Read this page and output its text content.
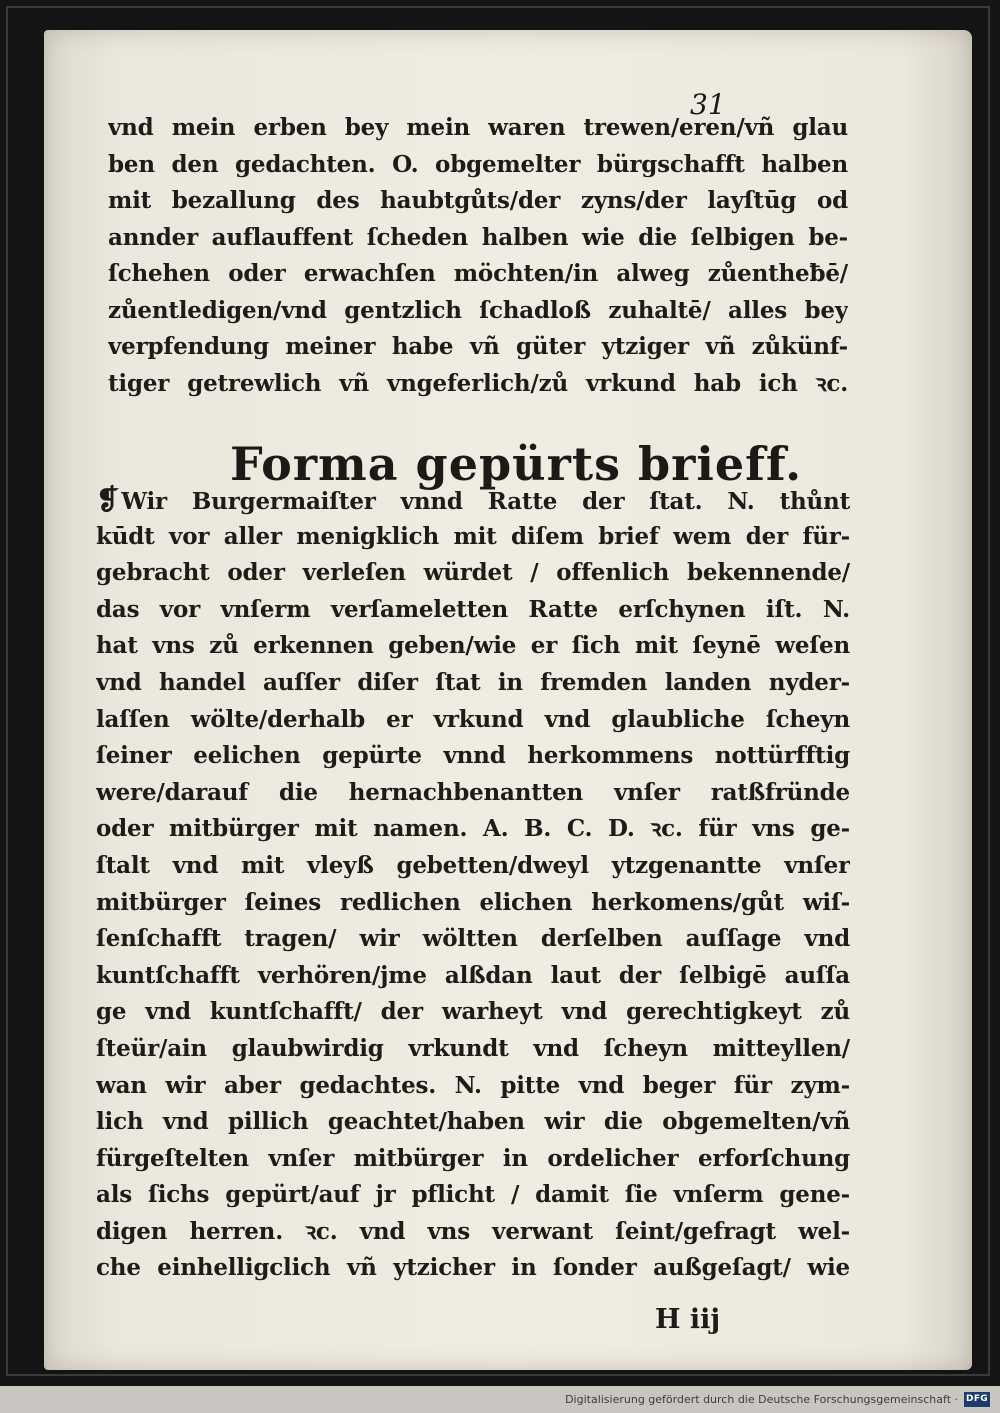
31
vnd mein erben bey mein waren trewen/eren/vñ glau
ben den gedachten. O. obgemelter bürgschafft halben
mit bezallung des haubtgůts/der zyns/der layſtūg od
annder auflauffent ſcheden halben wie die ſelbigen be-
ſchehen oder erwachſen möchten/in alweg zůentheƀē/
zůentledigen/vnd gentzlich ſchadloß zuhaltē/ alles bey
verpfendung meiner habe vñ güter ytziger vñ zůkünf-
tiger getrewlich vñ vngeferlich/zů vrkund hab ich ꝛc.
Forma gepürts brieff.
❡Wir Burgermaiſter vnnd Ratte der ſtat. N. thůnt
kūdt vor aller menigklich mit diſem brief wem der für-
gebracht oder verleſen würdet / offenlich bekennende/
das vor vnſerm verſameletten Ratte erſchynen iſt. N.
hat vns zů erkennen geben/wie er ſich mit ſeynē weſen
vnd handel auſſer diſer ſtat in fremden landen nyder-
laſſen wölte/derhalb er vrkund vnd glaubliche ſcheyn
ſeiner eelichen gepürte vnnd herkommens nottürfftig
were/darauf die hernachbenantten vnſer ratßfründe
oder mitbürger mit namen. A. B. C. D. ꝛc. für vns ge-
ſtalt vnd mit vleyß gebetten/dweyl ytzgenantte vnſer
mitbürger ſeines redlichen elichen herkomens/gůt wiſ-
ſenſchafft tragen/ wir wöltten derſelben auſſage vnd
kuntſchafft verhören/jme alßdan laut der ſelbigē auſſa
ge vnd kuntſchafft/ der warheyt vnd gerechtigkeyt zů
ſteür/ain glaubwirdig vrkundt vnd ſcheyn mitteyllen/
wan wir aber gedachtes. N. pitte vnd beger für zym-
lich vnd pillich geachtet/haben wir die obgemelten/vñ
fürgeſtelten vnſer mitbürger in ordelicher erforſchung
als ſichs gepürt/auf jr pflicht / damit ſie vnſerm gene-
digen herren. ꝛc. vnd vns verwant ſeint/gefragt wel-
che einhelligclich vñ ytzicher in ſonder außgeſagt/ wie
H iij
Digitalisierung gefördert durch die Deutsche Forschungsgemeinschaft · DFG
